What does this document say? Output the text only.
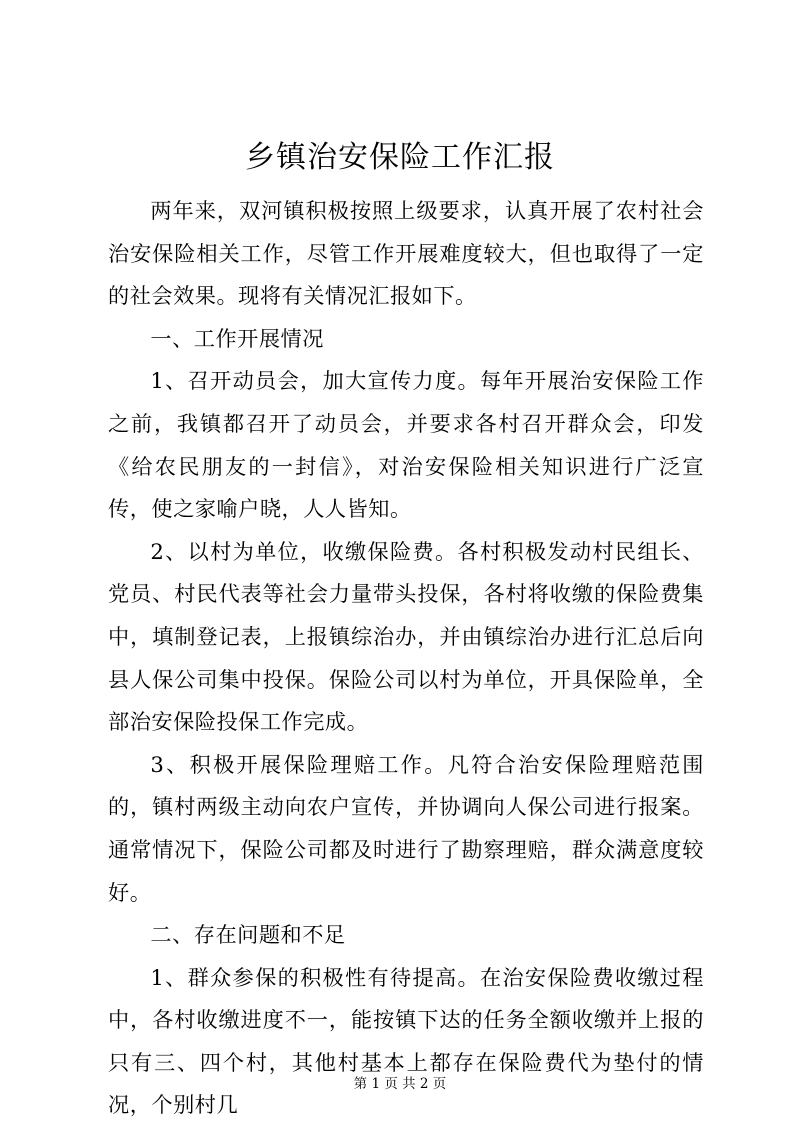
乡镇治安保险工作汇报

两年来，双河镇积极按照上级要求，认真开展了农村社会治安保险相关工作，尽管工作开展难度较大，但也取得了一定的社会效果。现将有关情况汇报如下。

一、工作开展情况

1、召开动员会，加大宣传力度。每年开展治安保险工作之前，我镇都召开了动员会，并要求各村召开群众会，印发《给农民朋友的一封信》，对治安保险相关知识进行广泛宣传，使之家喻户晓，人人皆知。

2、以村为单位，收缴保险费。各村积极发动村民组长、党员、村民代表等社会力量带头投保，各村将收缴的保险费集中，填制登记表，上报镇综治办，并由镇综治办进行汇总后向县人保公司集中投保。保险公司以村为单位，开具保险单，全部治安保险投保工作完成。

3、积极开展保险理赔工作。凡符合治安保险理赔范围的，镇村两级主动向农户宣传，并协调向人保公司进行报案。通常情况下，保险公司都及时进行了勘察理赔，群众满意度较好。

二、存在问题和不足

1、群众参保的积极性有待提高。在治安保险费收缴过程中，各村收缴进度不一，能按镇下达的任务全额收缴并上报的只有三、四个村，其他村基本上都存在保险费代为垫付的情况，个别村几

第 1 页 共 2 页
